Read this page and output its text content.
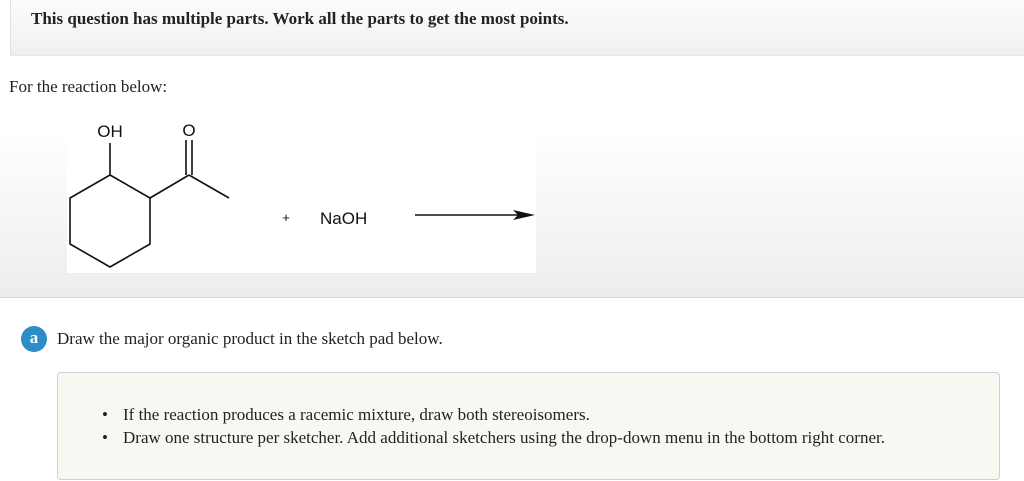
This question has multiple parts. Work all the parts to get the most points.
For the reaction below:
OH	O
+ NaOH
a	Draw the major organic product in the sketch pad below.
• If the reaction produces a racemic mixture, draw both stereoisomers.
• Draw one structure per sketcher. Add additional sketchers using the drop-down menu in the bottom right corner.
